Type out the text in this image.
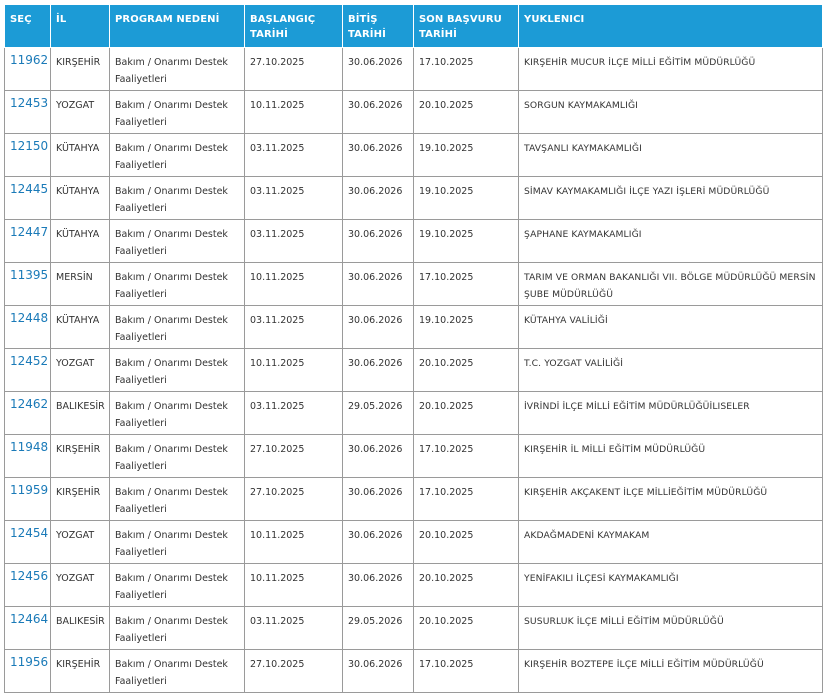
SEÇ	İL	PROGRAM NEDENİ	BAŞLANGIÇ TARİHİ	BİTİŞ TARİHİ	SON BAŞVURU TARİHİ	YUKLENICI
11962	KIRŞEHİR	Bakım / Onarımı Destek Faaliyetleri	27.10.2025	30.06.2026	17.10.2025	KIRŞEHİR MUCUR İLÇE MİLLİ EĞİTİM MÜDÜRLÜĞÜ
12453	YOZGAT	Bakım / Onarımı Destek Faaliyetleri	10.11.2025	30.06.2026	20.10.2025	SORGUN KAYMAKAMLIĞI
12150	KÜTAHYA	Bakım / Onarımı Destek Faaliyetleri	03.11.2025	30.06.2026	19.10.2025	TAVŞANLI KAYMAKAMLIĞI
12445	KÜTAHYA	Bakım / Onarımı Destek Faaliyetleri	03.11.2025	30.06.2026	19.10.2025	SİMAV KAYMAKAMLIĞI İLÇE YAZI İŞLERİ MÜDÜRLÜĞÜ
12447	KÜTAHYA	Bakım / Onarımı Destek Faaliyetleri	03.11.2025	30.06.2026	19.10.2025	ŞAPHANE KAYMAKAMLIĞI
11395	MERSİN	Bakım / Onarımı Destek Faaliyetleri	10.11.2025	30.06.2026	17.10.2025	TARIM VE ORMAN BAKANLIĞI VII. BÖLGE MÜDÜRLÜĞÜ MERSİN ŞUBE MÜDÜRLÜĞÜ
12448	KÜTAHYA	Bakım / Onarımı Destek Faaliyetleri	03.11.2025	30.06.2026	19.10.2025	KÜTAHYA VALİLİĞİ
12452	YOZGAT	Bakım / Onarımı Destek Faaliyetleri	10.11.2025	30.06.2026	20.10.2025	T.C. YOZGAT VALİLİĞİ
12462	BALIKESİR	Bakım / Onarımı Destek Faaliyetleri	03.11.2025	29.05.2026	20.10.2025	İVRİNDİ İLÇE MİLLİ EĞİTİM MÜDÜRLÜĞÜİLISELER
11948	KIRŞEHİR	Bakım / Onarımı Destek Faaliyetleri	27.10.2025	30.06.2026	17.10.2025	KIRŞEHİR İL MİLLİ EĞİTİM MÜDÜRLÜĞÜ
11959	KIRŞEHİR	Bakım / Onarımı Destek Faaliyetleri	27.10.2025	30.06.2026	17.10.2025	KIRŞEHİR AKÇAKENT İLÇE MİLLİEĞİTİM MÜDÜRLÜĞÜ
12454	YOZGAT	Bakım / Onarımı Destek Faaliyetleri	10.11.2025	30.06.2026	20.10.2025	AKDAĞMADENİ KAYMAKAM
12456	YOZGAT	Bakım / Onarımı Destek Faaliyetleri	10.11.2025	30.06.2026	20.10.2025	YENİFAKILI İLÇESİ KAYMAKAMLIĞI
12464	BALIKESİR	Bakım / Onarımı Destek Faaliyetleri	03.11.2025	29.05.2026	20.10.2025	SUSURLUK İLÇE MİLLİ EĞİTİM MÜDÜRLÜĞÜ
11956	KIRŞEHİR	Bakım / Onarımı Destek Faaliyetleri	27.10.2025	30.06.2026	17.10.2025	KIRŞEHİR BOZTEPE İLÇE MİLLİ EĞİTİM MÜDÜRLÜĞÜ
